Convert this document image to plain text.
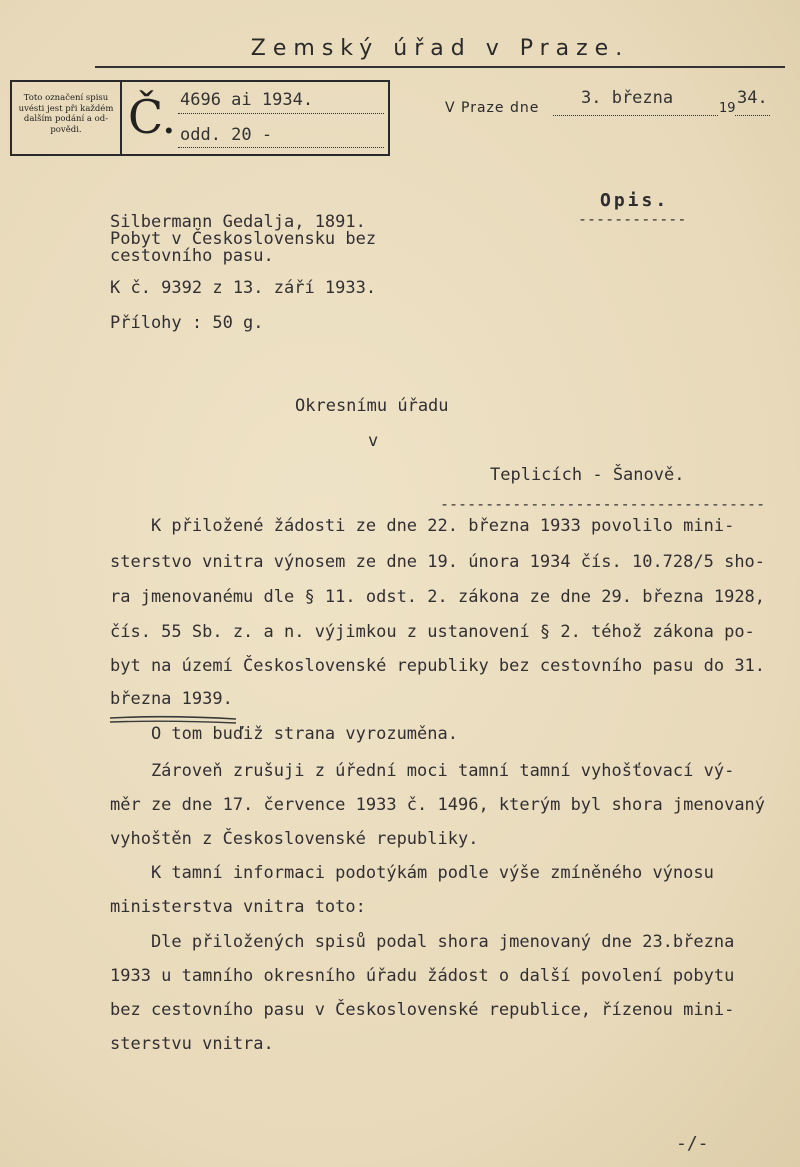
Zemský úřad v Praze.
Toto označení spisu
uvésti jest při každém
dalším podání a od-
povědi.	Č. 4696 ai 1934.
odd. 20 -
V Praze dne 3. března
19
34.
Opis.
------------
Silbermann Gedalja, 1891.
Pobyt v Československu bez
cestovního pasu.
K č. 9392 z 13. září 1933.
Přílohy : 50 g.
Okresnímu úřadu
v
Teplicích - Šanově.
------------------------------------
K přiložené žádosti ze dne 22. března 1933 povolilo mini-
sterstvo vnitra výnosem ze dne 19. února 1934 čís. 10.728/5 sho-
ra jmenovanému dle § 11. odst. 2. zákona ze dne 29. března 1928,
čís. 55 Sb. z. a n. výjimkou z ustanovení § 2. téhož zákona po-
byt na území Československé republiky bez cestovního pasu do 31.
března 1939.
O tom buďiž strana vyrozuměna.
Zároveň zrušuji z úřední moci tamní tamní vyhošťovací vý-
měr ze dne 17. července 1933 č. 1496, kterým byl shora jmenovaný
vyhoštěn z Československé republiky.
K tamní informaci podotýkám podle výše zmíněného výnosu
ministerstva vnitra toto:
Dle přiložených spisů podal shora jmenovaný dne 23.března
1933 u tamního okresního úřadu žádost o další povolení pobytu
bez cestovního pasu v Československé republice, řízenou mini-
sterstvu vnitra.
-/-
